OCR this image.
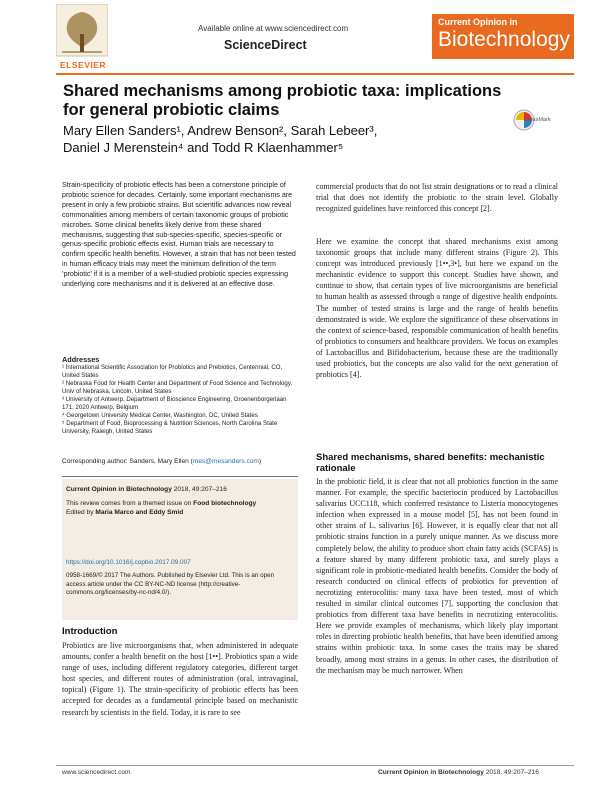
ELSEVIER
Available online at www.sciencedirect.com
ScienceDirect
Current Opinion in
Biotechnology
Shared mechanisms among probiotic taxa: implications for general probiotic claims
Mary Ellen Sanders¹, Andrew Benson², Sarah Lebeer³,
Daniel J Merenstein⁴ and Todd R Klaenhammer⁵
CrossMark
Strain-specificity of probiotic effects has been a cornerstone principle of probiotic science for decades. Certainly, some important mechanisms are present in only a few probiotic strains. But scientific advances now reveal commonalities among members of certain taxonomic groups of probiotic microbes. Some clinical benefits likely derive from these shared mechanisms, suggesting that sub-species-specific, species-specific or genus-specific probiotic effects exist. Human trials are necessary to confirm specific health benefits. However, a strain that has not been tested in human efficacy trials may meet the minimum definition of the term ‘probiotic’ if it is a member of a well-studied probiotic species expressing underlying core mechanisms and it is delivered at an effective dose.
Addresses
¹ International Scientific Association for Probiotics and Prebiotics, Centennial, CO, United States
² Nebraska Food for Health Center and Department of Food Science and Technology, Univ of Nebraska, Lincoln, United States
³ University of Antwerp, Department of Bioscience Engineering, Groenenborgerlaan 171, 2020 Antwerp, Belgium
⁴ Georgetown University Medical Center, Washington, DC, United States
⁵ Department of Food, Bioprocessing & Nutrition Sciences, North Carolina State University, Raleigh, United States
Corresponding author: Sanders, Mary Ellen (mes@mesanders.com)
Current Opinion in Biotechnology 2018, 49:207–216
This review comes from a themed issue on Food biotechnology
Edited by Maria Marco and Eddy Smid
https://doi.org/10.1016/j.copbio.2017.09.007
0958-1669/© 2017 The Authors. Published by Elsevier Ltd. This is an open access article under the CC BY-NC-ND license (http://creative-commons.org/licenses/by-nc-nd/4.0/).
Introduction
Probiotics are live microorganisms that, when administered in adequate amounts, confer a health benefit on the host [1••]. Probiotics span a wide range of uses, including different regulatory categories, different target host species, and different routes of administration (oral, intravaginal, topical) (Figure 1). The strain-specificity of probiotic effects has been accepted for decades as a fundamental principle based on mechanistic research by scientists in the field. Today, it is rare to see
commercial products that do not list strain designations or to read a clinical trial that does not identify the probiotic to the strain level. Globally recognized guidelines have reinforced this concept [2].
Here we examine the concept that shared mechanisms exist among taxonomic groups that include many different strains (Figure 2). This concept was introduced previously [1••,3•], but here we expand on the mechanistic evidence to support this concept. Studies have shown, and continue to show, that certain types of live microorganisms are beneficial to human health as assessed through a range of digestive health endpoints. The number of tested strains is large and the range of health benefits demonstrated is wide. We explore the significance of these observations in the context of science-based, responsible communication of health benefits of probiotics to consumers and healthcare providers. We focus on examples of Lactobacillus and Bifidobacterium, because these are the traditionally used probiotics, but the concepts are also valid for the next generation of probiotics [4].
Shared mechanisms, shared benefits: mechanistic rationale
In the probiotic field, it is clear that not all probiotics function in the same manner. For example, the specific bacteriocin produced by Lactobacillus salivarius UCC118, which conferred resistance to Listeria monocytogenes infection when expressed in a mouse model [5], has not been found in other strains of L. salivarius [6]. However, it is equally clear that not all probiotic strains function in a purely unique manner. As we discuss more completely below, the ability to produce short chain fatty acids (SCFAS) is a feature shared by many different probiotic taxa, and surely plays a significant role in probiotic-mediated health benefits. Consider the body of research conducted on clinical effects of probiotics for prevention of necrotizing enterocolitis: many taxa have been tested, most of which resulted in similar clinical outcomes [7], supporting the conclusion that probiotics from different taxa have benefits in necrotizing enterocolitis. Here we provide examples of mechanisms, which likely play important roles in directing probiotic health benefits, that have been identified among strains within probiotic taxa. In some cases the traits may be shared broadly, among most strains in a genus. In other cases, the distribution of the mechanism may be much narrower. When
www.sciencedirect.com	Current Opinion in Biotechnology 2018, 49:207–216
